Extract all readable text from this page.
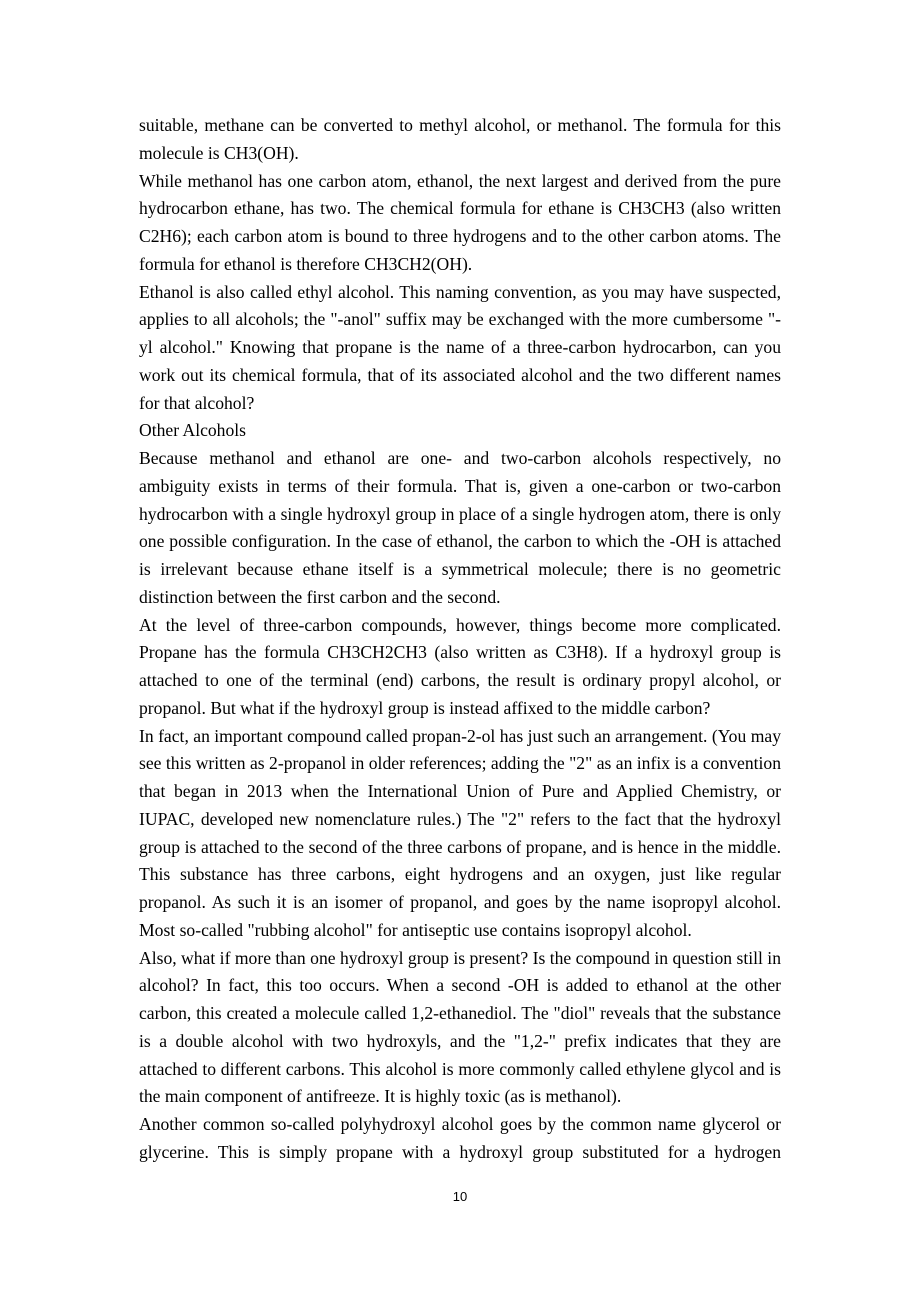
suitable, methane can be converted to methyl alcohol, or methanol. The formula for this molecule is CH3(OH).

While methanol has one carbon atom, ethanol, the next largest and derived from the pure hydrocarbon ethane, has two. The chemical formula for ethane is CH3CH3 (also written C2H6); each carbon atom is bound to three hydrogens and to the other carbon atoms. The formula for ethanol is therefore CH3CH2(OH).

Ethanol is also called ethyl alcohol. This naming convention, as you may have suspected, applies to all alcohols; the "-anol" suffix may be exchanged with the more cumbersome "-yl alcohol." Knowing that propane is the name of a three-carbon hydrocarbon, can you work out its chemical formula, that of its associated alcohol and the two different names for that alcohol?

Other Alcohols

Because methanol and ethanol are one- and two-carbon alcohols respectively, no ambiguity exists in terms of their formula. That is, given a one-carbon or two-carbon hydrocarbon with a single hydroxyl group in place of a single hydrogen atom, there is only one possible configuration. In the case of ethanol, the carbon to which the -OH is attached is irrelevant because ethane itself is a symmetrical molecule; there is no geometric distinction between the first carbon and the second.

At the level of three-carbon compounds, however, things become more complicated. Propane has the formula CH3CH2CH3 (also written as C3H8). If a hydroxyl group is attached to one of the terminal (end) carbons, the result is ordinary propyl alcohol, or propanol. But what if the hydroxyl group is instead affixed to the middle carbon?

In fact, an important compound called propan-2-ol has just such an arrangement. (You may see this written as 2-propanol in older references; adding the "2" as an infix is a convention that began in 2013 when the International Union of Pure and Applied Chemistry, or IUPAC, developed new nomenclature rules.) The "2" refers to the fact that the hydroxyl group is attached to the second of the three carbons of propane, and is hence in the middle. This substance has three carbons, eight hydrogens and an oxygen, just like regular propanol. As such it is an isomer of propanol, and goes by the name isopropyl alcohol. Most so-called "rubbing alcohol" for antiseptic use contains isopropyl alcohol.

Also, what if more than one hydroxyl group is present? Is the compound in question still in alcohol? In fact, this too occurs. When a second -OH is added to ethanol at the other carbon, this created a molecule called 1,2-ethanediol. The "diol" reveals that the substance is a double alcohol with two hydroxyls, and the "1,2-" prefix indicates that they are attached to different carbons. This alcohol is more commonly called ethylene glycol and is the main component of antifreeze. It is highly toxic (as is methanol).

Another common so-called polyhydroxyl alcohol goes by the common name glycerol or glycerine. This is simply propane with a hydroxyl group substituted for a hydrogen

10
